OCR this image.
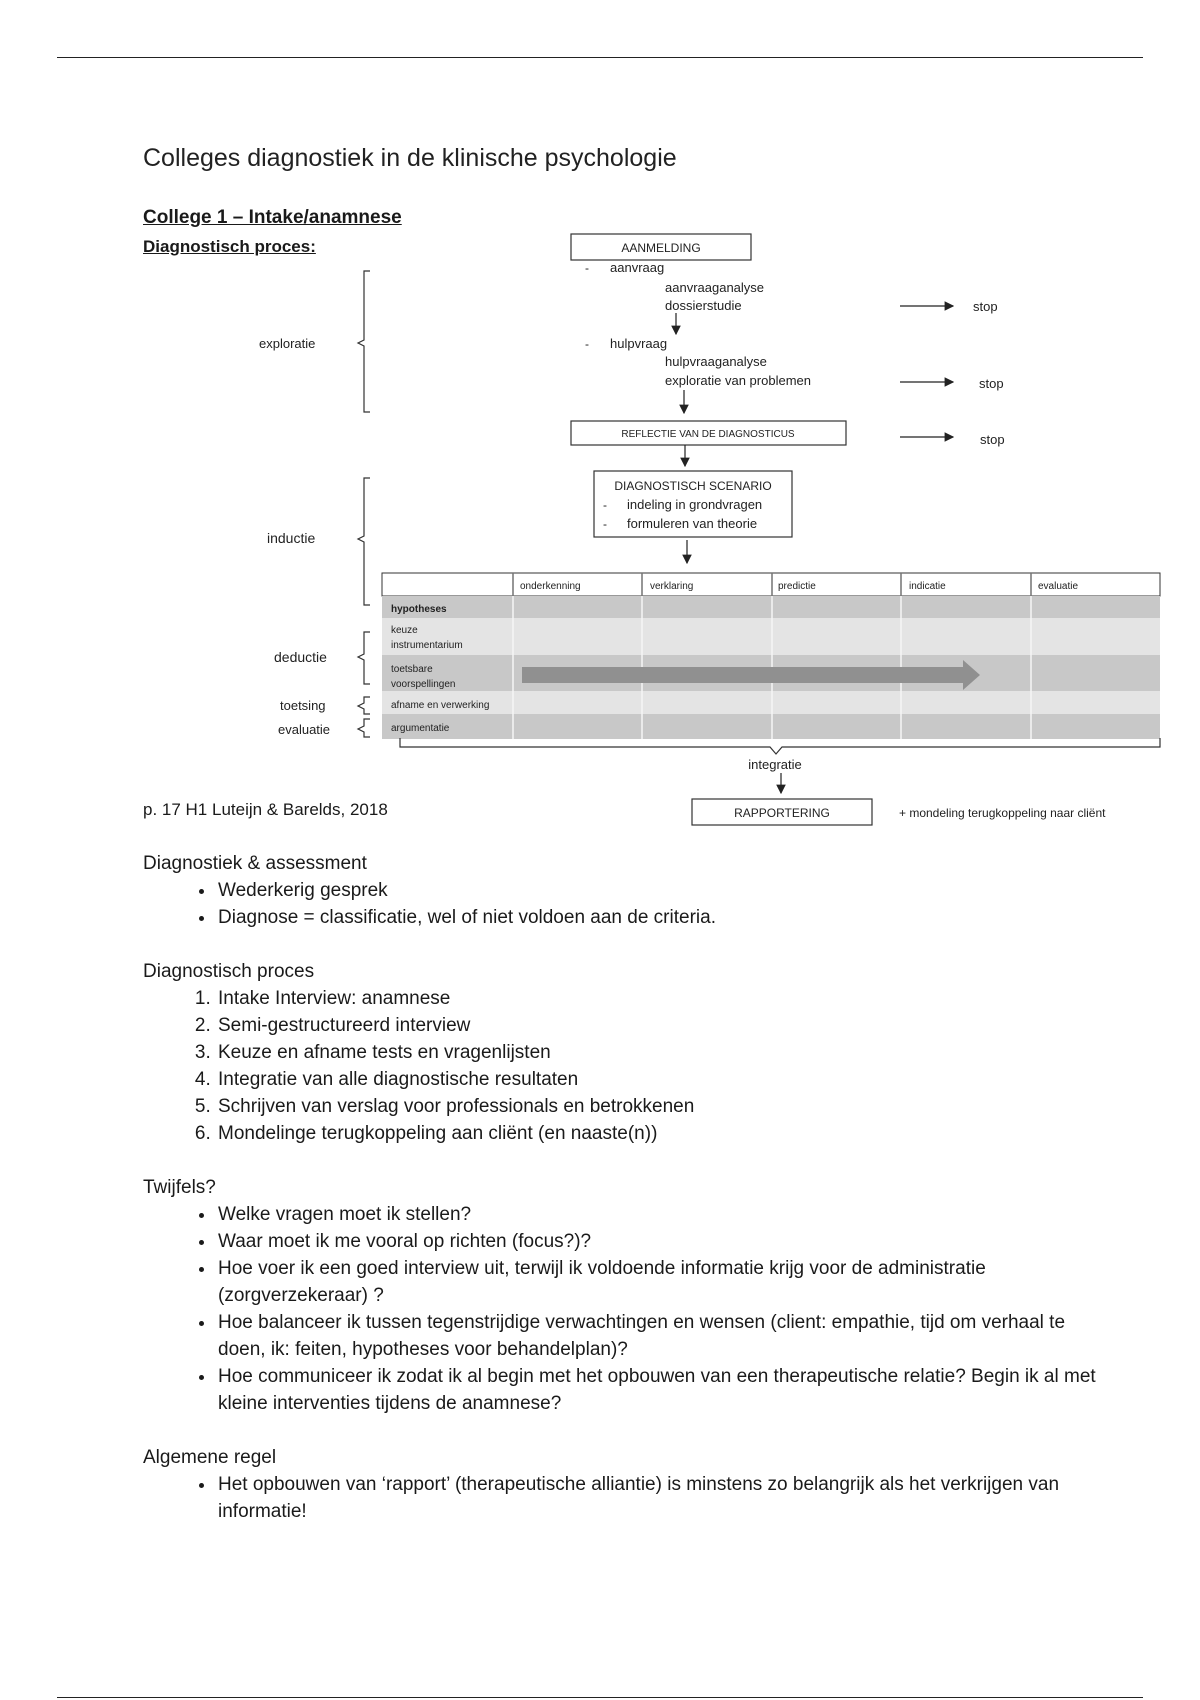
Colleges diagnostiek in de klinische psychologie
College 1 – Intake/anamnese
Diagnostisch proces:
exploratie
inductie
deductie
toetsing
evaluatie
AANMELDING
- aanvraag
aanvraaganalyse
dossierstudie	stop
- hulpvraag
hulpvraaganalyse
exploratie van problemen	stop
REFLECTIE VAN DE DIAGNOSTICUS	stop
DIAGNOSTISCH SCENARIO
- indeling in grondvragen
- formuleren van theorie
onderkenning	verklaring	predictie	indicatie	evaluatie
hypotheses
keuze
instrumentarium
toetsbare
voorspellingen
afname en verwerking
argumentatie
integratie
RAPPORTERING	+ mondeling terugkoppeling naar cliënt
p. 17 H1 Luteijn & Barelds, 2018

Diagnostiek & assessment

• Wederkerig gesprek
• Diagnose = classificatie, wel of niet voldoen aan de criteria.

Diagnostisch proces

1. Intake Interview: anamnese
2. Semi-gestructureerd interview
3. Keuze en afname tests en vragenlijsten
4. Integratie van alle diagnostische resultaten
5. Schrijven van verslag voor professionals en betrokkenen
6. Mondelinge terugkoppeling aan cliënt (en naaste(n))

Twijfels?

• Welke vragen moet ik stellen?
• Waar moet ik me vooral op richten (focus?)?
• Hoe voer ik een goed interview uit, terwijl ik voldoende informatie krijg voor de administratie (zorgverzekeraar) ?
• Hoe balanceer ik tussen tegenstrijdige verwachtingen en wensen (client: empathie, tijd om verhaal te doen, ik: feiten, hypotheses voor behandelplan)?
• Hoe communiceer ik zodat ik al begin met het opbouwen van een therapeutische relatie? Begin ik al met kleine interventies tijdens de anamnese?

Algemene regel

• Het opbouwen van ‘rapport’ (therapeutische alliantie) is minstens zo belangrijk als het verkrijgen van informatie!
